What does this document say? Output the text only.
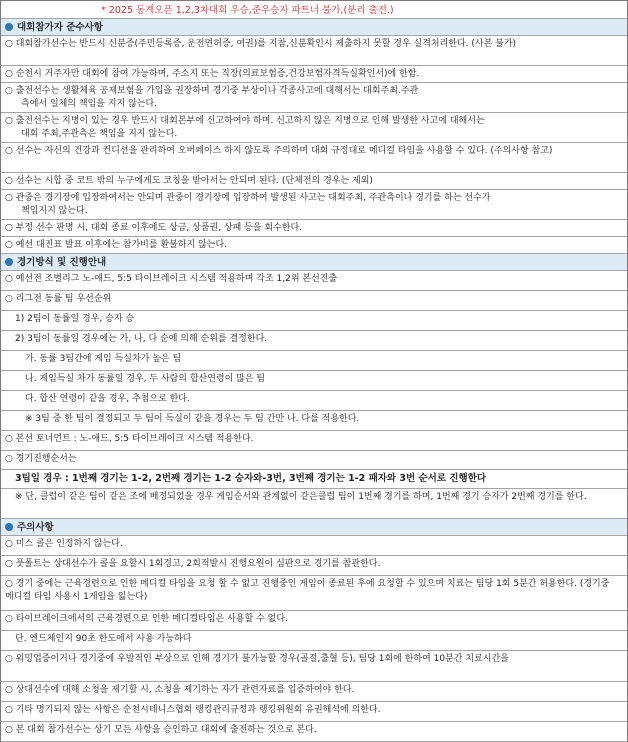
* 2025 동계오픈 1,2,3차대회 우승,준우승자 파트너 불가,(분리 출전.)
대회참가자 준수사항
○ 대회참가선수는 반드시 신분증(주민등록증, 운전면허증, 여권)를 지참,신분확인시 제출하지 못할 경우 실격처리한다. (사본 불가)
○ 순천시 거주자만 대회에 참여 가능하며, 주소지 또는 직장(의료보험증,건강보험자격득실확인서)에 한함.
○ 출전선수는 생활체육 공제보험을 가입을 권장하며 경기중 부상이나 각종사고에 대해서는 대회주최.주관
측에서 일체의 책임을 지지 않는다.
○ 출전선수는 지병이 있는 경우 반드시 대회본부에 신고하여야 하며. 신고하지 않은 지병으로 인해 발생한 사고에 대해서는
대회 주최,주관측은 책임을 지지 않는다.
○ 선수는 자신의 건강과 컨디션을 관리하여 오버페이스 하지 않도록 주의하며 대회 규정대로 메디컬 타임을 사용할 수 있다. (주의사항 참고)
○ 선수는 시합 중 코트 밖의 누구에게도 코칭을 받아서는 안되며 된다. (단체전의 경우는 제외)
○ 관중은 경기장에 입장하여서는 안되며 관중이 경기장에 입장하여 발생된 사고는 대회주최, 주관측이나 경기를 하는 선수가
책임지지 않는다.
○ 부정 선수 판명 시, 대회 종료 이후에도 상금, 상품권, 상패 등을 회수한다.
○ 예선 대진표 발표 이후에는 참가비를 환불하지 않는다.
경기방식 및 진행안내
○ 예선전 조별리그 노-애드, 5:5 타이브레이크 시스템 적용하며 각조 1,2위 본선진출
○ 리그전 동률 팀 우선순위
1) 2팀이 동률일 경우, 승자 승
2) 3팀이 동률일 경우에는 가, 나, 다 순에 의해 순위를 결정한다.
가. 동률 3팀간에 게임 득실차가 높은 팀
나. 게임득실 차가 동률일 경우, 두 사람의 합산연령이 많은 팀
다. 합산 연령이 같을 경우, 추첨으로 한다.
※ 3팀 중 한 팀이 결정되고 두 팀이 득실이 같을 경우는 두 팀 간만 나. 다를 적용한다.
○ 본선 토너먼트 : 노-애드, 5:5 타이브레이크 시스템 적용한다.
○ 경기진행순서는
3팀일 경우 : 1번째 경기는 1-2, 2번째 경기는 1-2 승자와-3번, 3번째 경기는 1-2 패자와 3번 순서로 진행한다
※ 단, 클럽이 같은 팀이 같은 조에 배정되었을 경우 게임순서와 관계없이 같은클럽 팀이 1번째 경기를 하며, 1번째 경기 승자가 2번째 경기를 한다.
주의사항
○ 미스 콜은 인정하지 않는다.
○ 풋폴트는 상대선수가 콜을 요할시 1회경고, 2회적발시 진행요원이 심판으로 경기를 참관한다.
○ 경기 중에는 근육경련으로 인한 메디컬 타임을 요청 할 수 없고 진행중인 게임이 종료된 후에 요청할 수 있으며 치료는 팀당 1회 5분간 허용한다. (경기중 메디컬 타임 사용시 1게임을 잃는다)
○ 타이브레이크에서의 근육경련으로 인한 메디컬타임은 사용할 수 없다.
단. 엔드체인지 90초 한도에서 사용 가능하다
○ 워밍업중이거나 경기중에 우발적인 부상으로 인해 경기가 불가능할 경우(골절,출혈 등), 팀당 1회에 한하여 10분간 치료시간을
○ 상대선수에 대해 소청을 제기할 시, 소청을 제기하는 자가 관련자료를 입증하여야 한다.
○ 기타 명기되지 않는 사항은 순천시테니스협회 랭킹관리규정과 랭킹위원회 유권해석에 의한다.
○ 본 대회 참가선수는 상기 모든 사항을 승인하고 대회에 출전하는 것으로 본다.
